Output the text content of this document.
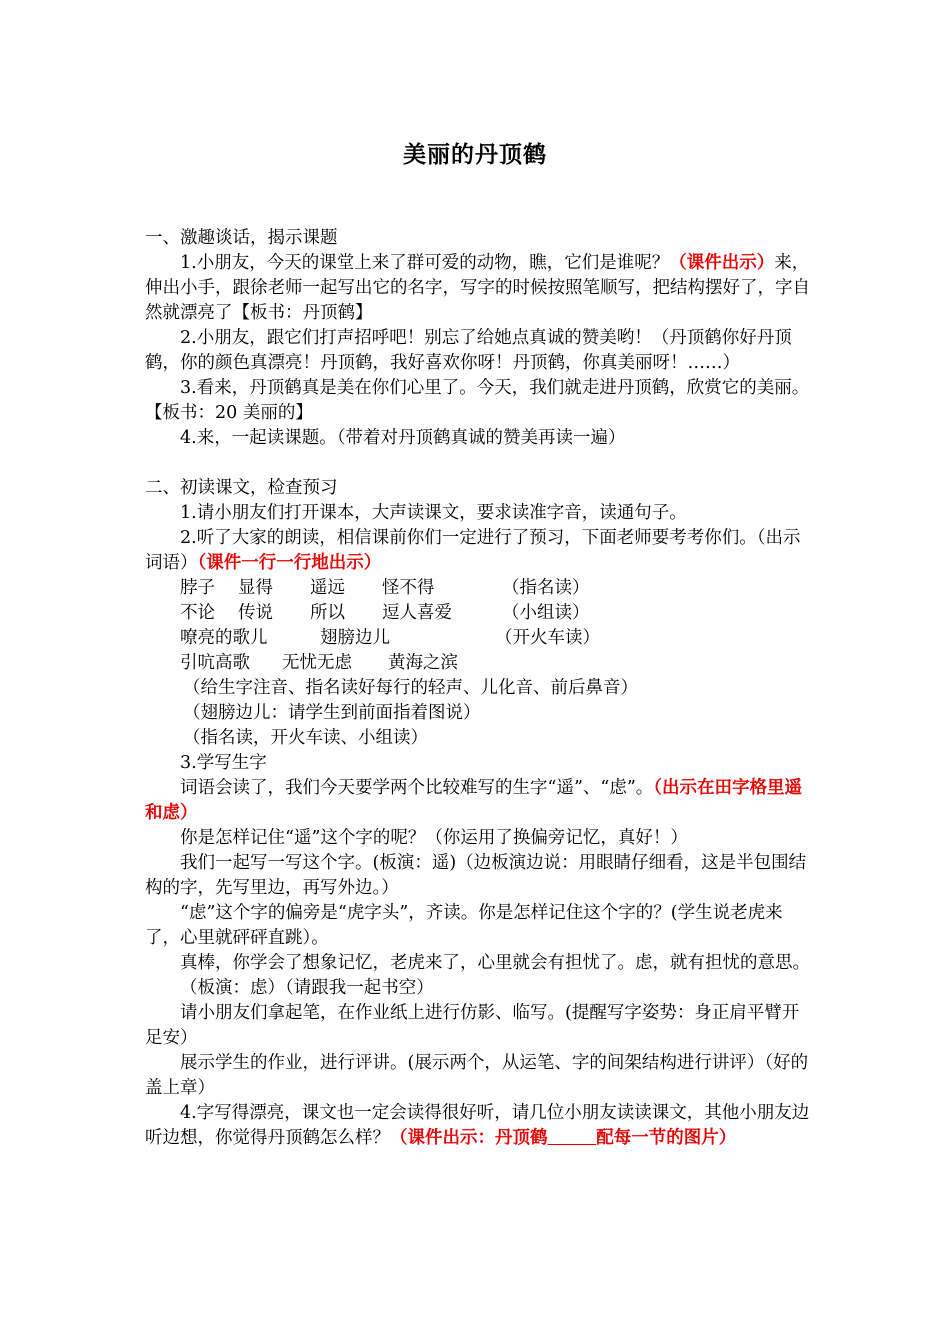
美丽的丹顶鹤

一、激趣谈话，揭示课题

1.小朋友，今天的课堂上来了群可爱的动物，瞧，它们是谁呢？（课件出示）来，伸出小手，跟徐老师一起写出它的名字，写字的时候按照笔顺写，把结构摆好了，字自然就漂亮了【板书：丹顶鹤】

2.小朋友，跟它们打声招呼吧！别忘了给她点真诚的赞美哟！（丹顶鹤你好丹顶鹤，你的颜色真漂亮！丹顶鹤，我好喜欢你呀！丹顶鹤，你真美丽呀！……）

3.看来，丹顶鹤真是美在你们心里了。今天，我们就走进丹顶鹤，欣赏它的美丽。【板书：20 美丽的】

4.来，一起读课题。（带着对丹顶鹤真诚的赞美再读一遍）

二、初读课文，检查预习

1.请小朋友们打开课本，大声读课文，要求读准字音，读通句子。

2.听了大家的朗读，相信课前你们一定进行了预习，下面老师要考考你们。（出示词语）（课件一行一行地出示）

脖子 显得 遥远 怪不得	（指名读）

不论 传说 所以 逗人喜爱	（小组读）

嘹亮的歌儿	翅膀边儿	（开火车读）

引吭高歌 无忧无虑 黄海之滨

（给生字注音、指名读好每行的轻声、儿化音、前后鼻音）

（翅膀边儿：请学生到前面指着图说）

（指名读，开火车读、小组读）

3.学写生字

词语会读了，我们今天要学两个比较难写的生字“遥”、“虑”。（出示在田字格里遥和虑）

你是怎样记住“遥”这个字的呢？（你运用了换偏旁记忆，真好！）

我们一起写一写这个字。(板演：遥)（边板演边说：用眼睛仔细看，这是半包围结构的字，先写里边，再写外边。）

“虑”这个字的偏旁是“虎字头”，齐读。你是怎样记住这个字的？(学生说老虎来了，心里就砰砰直跳）。

真棒，你学会了想象记忆，老虎来了，心里就会有担忧了。虑，就有担忧的意思。

（板演：虑）（请跟我一起书空）

请小朋友们拿起笔，在作业纸上进行仿影、临写。(提醒写字姿势：身正肩平臂开足安）

展示学生的作业，进行评讲。(展示两个，从运笔、字的间架结构进行讲评）（好的盖上章）

4.字写得漂亮，课文也一定会读得很好听，请几位小朋友读读课文，其他小朋友边听边想，你觉得丹顶鹤怎么样？（课件出示：丹顶鹤	配每一节的图片）
